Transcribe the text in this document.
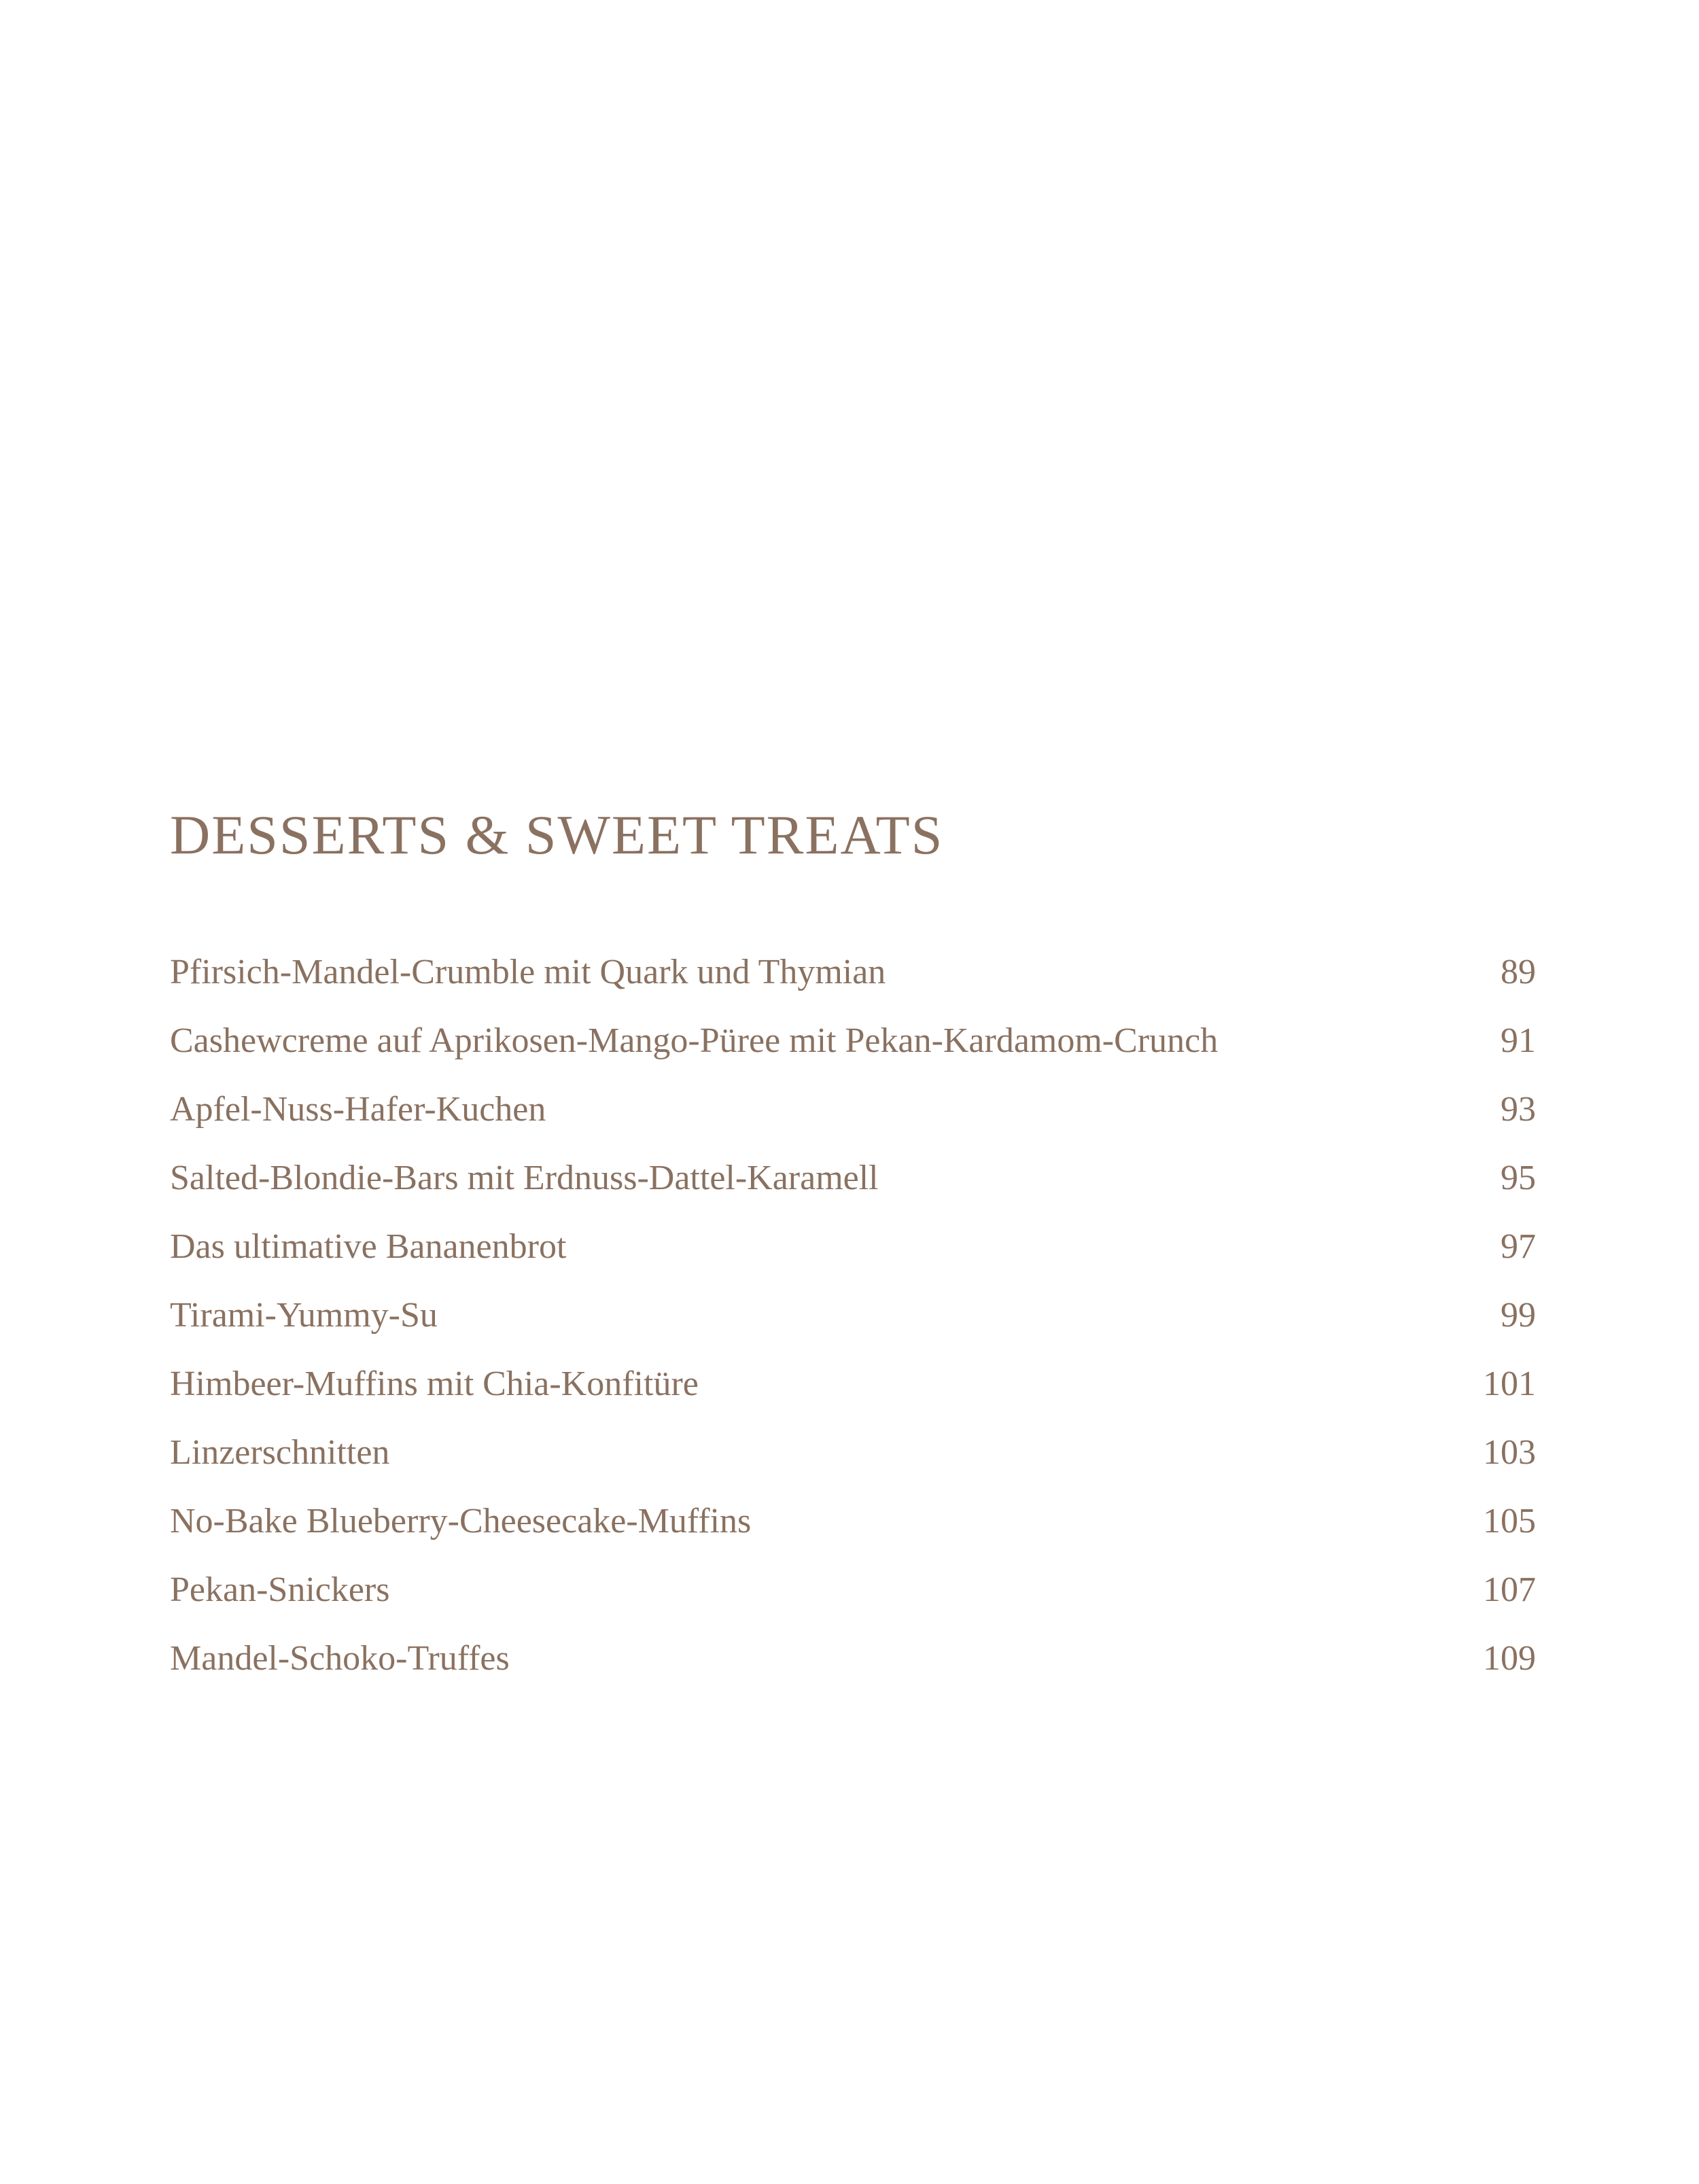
DESSERTS & SWEET TREATS
Pfirsich-Mandel-Crumble mit Quark und Thymian	89
Cashewcreme auf Aprikosen-Mango-Püree mit Pekan-Kardamom-Crunch	91
Apfel-Nuss-Hafer-Kuchen	93
Salted-Blondie-Bars mit Erdnuss-Dattel-Karamell	95
Das ultimative Bananenbrot	97
Tirami-Yummy-Su	99
Himbeer-Muffins mit Chia-Konfitüre	101
Linzerschnitten	103
No-Bake Blueberry-Cheesecake-Muffins	105
Pekan-Snickers	107
Mandel-Schoko-Truffes	109
